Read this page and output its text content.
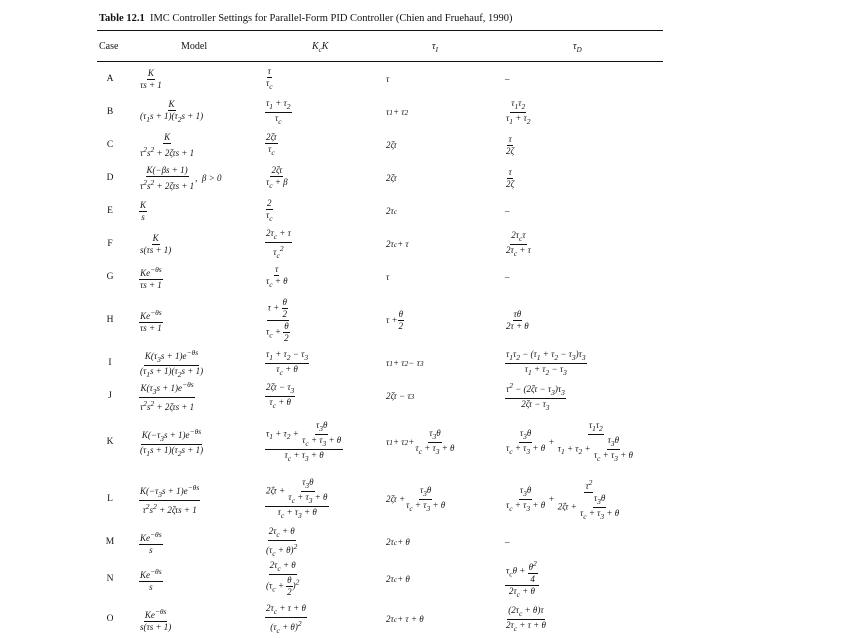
Table 12.1 IMC Controller Settings for Parallel-Form PID Controller (Chien and Fruehauf, 1990)
Case	Model	$K_cK$	$\tau_I$	$\tau_D$
A	$\frac{K}{\tau s + 1}$	$\frac{\tau}{\tau_c}$	τ	–
B	$\frac{K}{(\tau_1s + 1)(\tau_2s + 1)}$	$\frac{\tau_1 + \tau_2}{\tau_c}$	τ 1 + τ 2	$\frac{\tau_1\tau_2}{\tau_1 + \tau_2}$
C	$\frac{K}{\tau^2s^2 + 2\zeta\tau s + 1}$	$\frac{2\zeta\tau}{\tau_c}$	2ζτ	$\frac{\tau}{2\zeta}$
D	$\frac{K(-\beta s + 1)}{\tau^2s^2 + 2\zeta\tau s + 1}$ ,  β > 0	$\frac{2\zeta\tau}{\tau_c + \beta}$	2ζτ	$\frac{\tau}{2\zeta}$
E	$\frac{K}{s}$	$\frac{2}{\tau_c}$	2τ c	–
F	$\frac{K}{s(\tau s + 1)}$	$\frac{2\tau_c + \tau}{\tau_c^2}$	2τ c + τ	$\frac{2\tau_c\tau}{2\tau_c + \tau}$
G	$\frac{Ke^{-\theta s}}{\tau s + 1}$	$\frac{\tau}{\tau_c + \theta}$	τ	–
H	$\frac{Ke^{-\theta s}}{\tau s + 1}$	$\frac{\tau + \frac{\theta}{2}}{\tau_c + \frac{\theta}{2}}$	$\tau + \frac{\theta}{2}$	$\frac{\tau\theta}{2\tau + \theta}$
I	$\frac{K(\tau_3s + 1)e^{-\theta s}}{(\tau_1s + 1)(\tau_2s + 1)}$	$\frac{\tau_1 + \tau_2 - \tau_3}{\tau_c + \theta}$	τ 1 + τ 2 − τ 3	$\frac{\tau_1\tau_2 - (\tau_1 + \tau_2 - \tau_3)\tau_3}{\tau_1 + \tau_2 - \tau_3}$
J	$\frac{K(\tau_3s + 1)e^{-\theta s}}{\tau^2s^2 + 2\zeta\tau s + 1}$	$\frac{2\zeta\tau - \tau_3}{\tau_c + \theta}$	2ζτ − τ 3	$\frac{\tau^2 - (2\zeta\tau - \tau_3)\tau_3}{2\zeta\tau - \tau_3}$
K	$\frac{K(-\tau_3s + 1)e^{-\theta s}}{(\tau_1s + 1)(\tau_2s + 1)}$	$\frac{\tau_1 + \tau_2 + \frac{\tau_3\theta}{\tau_c + \tau_3 + \theta}}{\tau_c + \tau_3 + \theta}$	τ 1 + τ $2 + \frac{\tau_3\theta}{\tau_c + \tau_3 + \theta}$	$\frac{\tau_3\theta}{\tau_c + \tau_3 + \theta} + \frac{\tau_1\tau_2}{\tau_1 + \tau_2 + \frac{\tau_3\theta}{\tau_c + \tau_3 + \theta}}$
L	$\frac{K(-\tau_3s + 1)e^{-\theta s}}{\tau^2s^2 + 2\zeta\tau s + 1}$	$\frac{2\zeta\tau + \frac{\tau_3\theta}{\tau_c + \tau_3 + \theta}}{\tau_c + \tau_3 + \theta}$	$2\zeta\tau + \frac{\tau_3\theta}{\tau_c + \tau_3 + \theta}$	$\frac{\tau_3\theta}{\tau_c + \tau_3 + \theta} + \frac{\tau^2}{2\zeta\tau + \frac{\tau_3\theta}{\tau_c + \tau_3 + \theta}}$
M	$\frac{Ke^{-\theta s}}{s}$	$\frac{2\tau_c + \theta}{(\tau_c + \theta)^2}$	2τ c + θ	–
N	$\frac{Ke^{-\theta s}}{s}$	$\frac{2\tau_c + \theta}{(\tau_c + \frac{\theta}{2} )^2}$	2τ c + θ	$\frac{\tau_c\theta + \frac{\theta^2}{4}}{2\tau_c + \theta}$
O	$\frac{Ke^{-\theta s}}{s(\tau s + 1)}$	$\frac{2\tau_c + \tau + \theta}{(\tau_c + \theta)^2}$	2τ c + τ + θ	$\frac{(2\tau_c + \theta)\tau}{2\tau_c + \tau + \theta}$
